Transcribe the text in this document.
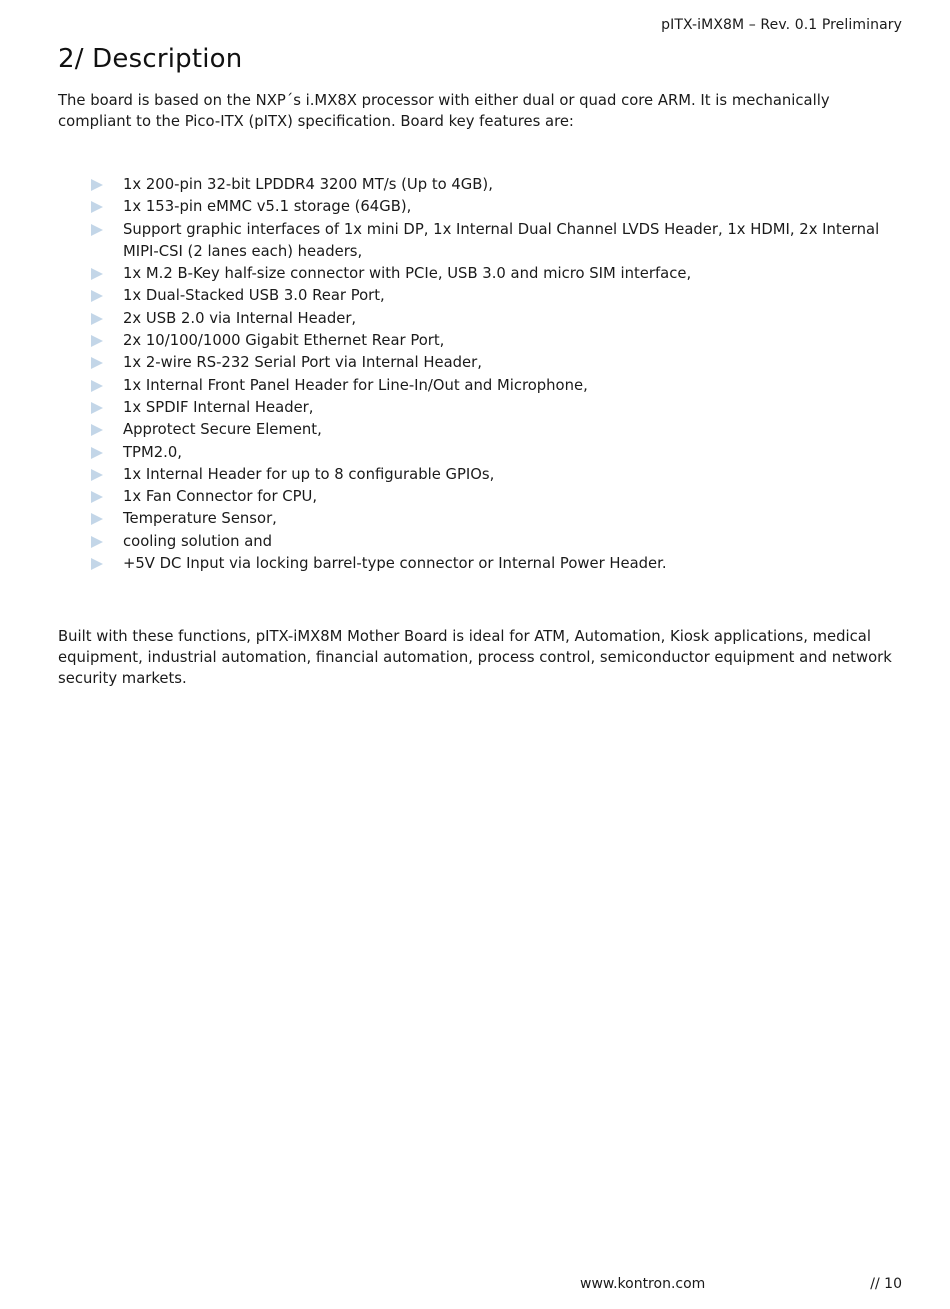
pITX-iMX8M – Rev. 0.1 Preliminary
2/ Description

The board is based on the NXP´s i.MX8X processor with either dual or quad core ARM. It is mechanically compliant to the Pico-ITX (pITX) specification. Board key features are:

1x 200-pin 32-bit LPDDR4 3200 MT/s (Up to 4GB),
1x 153-pin eMMC v5.1 storage (64GB),
Support graphic interfaces of 1x mini DP, 1x Internal Dual Channel LVDS Header, 1x HDMI, 2x Internal MIPI-CSI (2 lanes each) headers,
1x M.2 B-Key half-size connector with PCIe, USB 3.0 and micro SIM interface,
1x Dual-Stacked USB 3.0 Rear Port,
2x USB 2.0 via Internal Header,
2x 10/100/1000 Gigabit Ethernet Rear Port,
1x 2-wire RS-232 Serial Port via Internal Header,
1x Internal Front Panel Header for Line-In/Out and Microphone,
1x SPDIF Internal Header,
Approtect Secure Element,
TPM2.0,
1x Internal Header for up to 8 configurable GPIOs,
1x Fan Connector for CPU,
Temperature Sensor,
cooling solution and
+5V DC Input via locking barrel-type connector or Internal Power Header.

Built with these functions, pITX-iMX8M Mother Board is ideal for ATM, Automation, Kiosk applications, medical equipment, industrial automation, financial automation, process control, semiconductor equipment and network security markets.

www.kontron.com	// 10
